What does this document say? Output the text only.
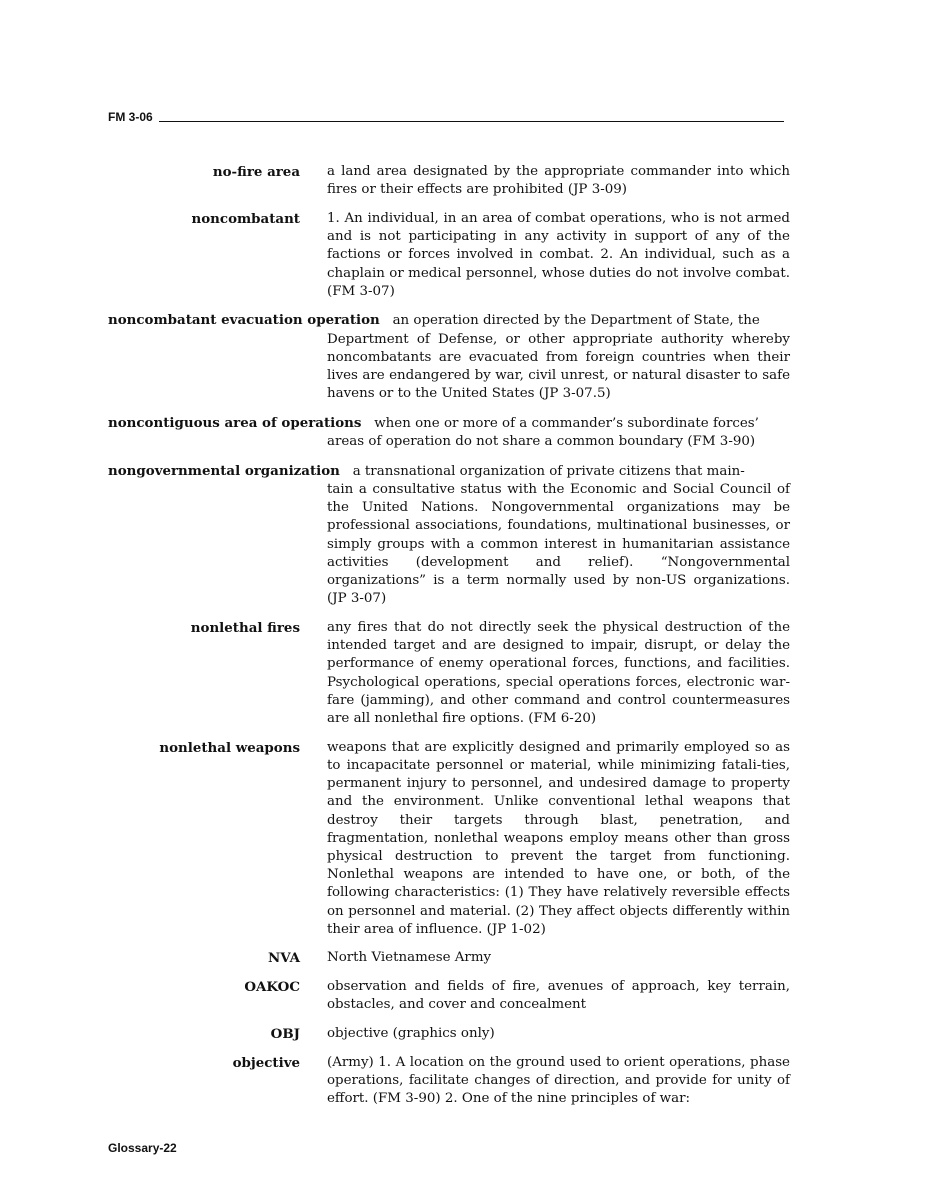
FM 3-06
no-fire area a land area designated by the appropriate commander into which fires or their effects are prohibited (JP 3-09)
noncombatant 1. An individual, in an area of combat operations, who is not armed and is not participating in any activity in support of any of the factions or forces involved in combat. 2. An individual, such as a chaplain or medical personnel, whose duties do not involve combat. (FM 3-07)
noncombatant evacuation operation an operation directed by the Department of State, the
Department of Defense, or other appropriate authority whereby noncombatants are evacuated from foreign countries when their lives are endangered by war, civil unrest, or natural disaster to safe havens or to the United States (JP 3-07.5)
noncontiguous area of operations when one or more of a commander’s subordinate forces’
areas of operation do not share a common boundary (FM 3-90)
nongovernmental organization a transnational organization of private citizens that main-
tain a consultative status with the Economic and Social Council of the United Nations. Nongovernmental organizations may be professional associations, foundations, multinational businesses, or simply groups with a common interest in humanitarian assistance activities (development and relief). “Nongovernmental organizations” is a term normally used by non-US organizations. (JP 3-07)
nonlethal fires any fires that do not directly seek the physical destruction of the intended target and are designed to impair, disrupt, or delay the performance of enemy operational forces, functions, and facilities. Psychological operations, special operations forces, electronic war-fare (jamming), and other command and control countermeasures are all nonlethal fire options. (FM 6-20)
nonlethal weapons weapons that are explicitly designed and primarily employed so as to incapacitate personnel or material, while minimizing fatali-ties, permanent injury to personnel, and undesired damage to property and the environment. Unlike conventional lethal weapons that destroy their targets through blast, penetration, and fragmentation, nonlethal weapons employ means other than gross physical destruction to prevent the target from functioning. Nonlethal weapons are intended to have one, or both, of the following characteristics: (1) They have relatively reversible effects on personnel and material. (2) They affect objects differently within their area of influence. (JP 1-02)
NVA North Vietnamese Army
OAKOC observation and fields of fire, avenues of approach, key terrain, obstacles, and cover and concealment
OBJ objective (graphics only)
objective (Army) 1. A location on the ground used to orient operations, phase operations, facilitate changes of direction, and provide for unity of effort. (FM 3-90) 2. One of the nine principles of war:
Glossary-22
